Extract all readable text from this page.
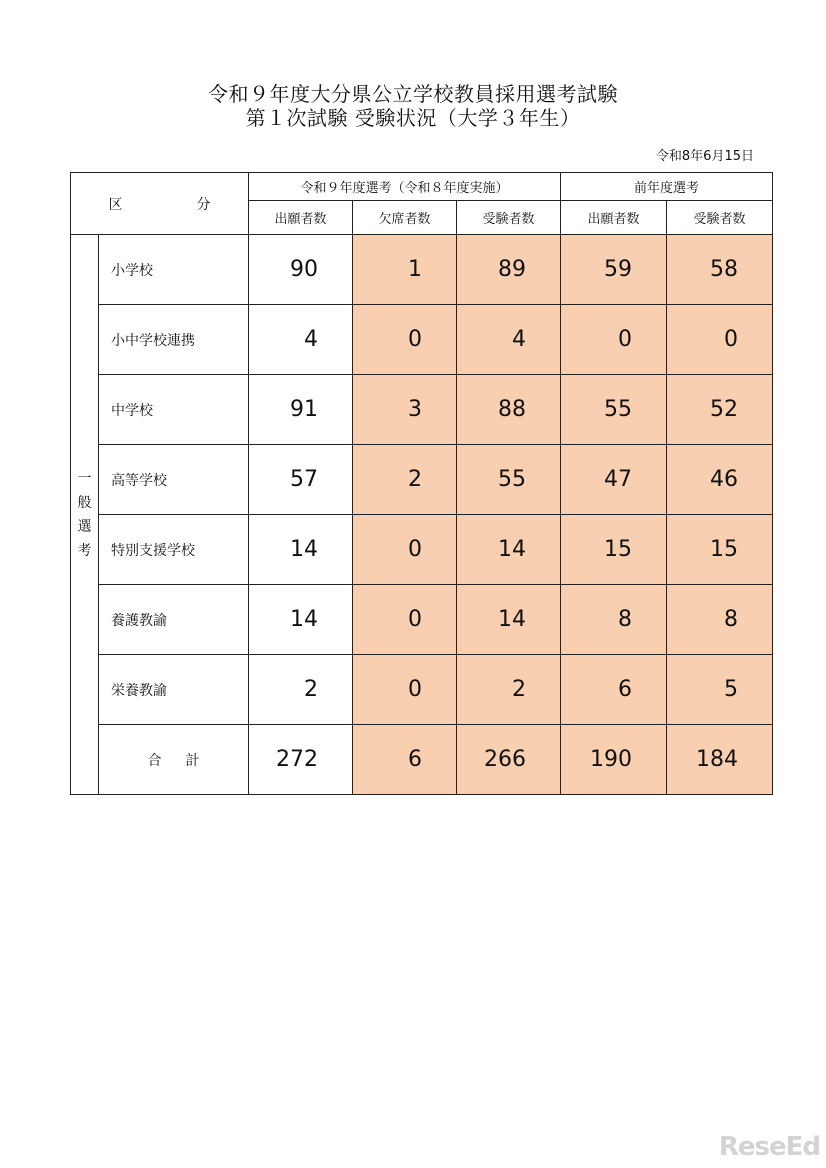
令和９年度大分県公立学校教員採用選考試験
第１次試験 受験状況（大学３年生）
令和8年6月15日
区　分		令和９年度選考（令和８年度実施）			前年度選考	
		出願者数	欠席者数	受験者数	出願者数	受験者数

一
般
選
考	小学校	90	1	89	59	58
	小中学校連携	4	0	4	0	0
	中学校	91	3	88	55	52
	高等学校	57	2	55	47	46
	特別支援学校	14	0	14	15	15
	養護教諭	14	0	14	8	8
	栄養教諭	2	0	2	6	5
	合計	272	6	266	190	184
ReseEd
